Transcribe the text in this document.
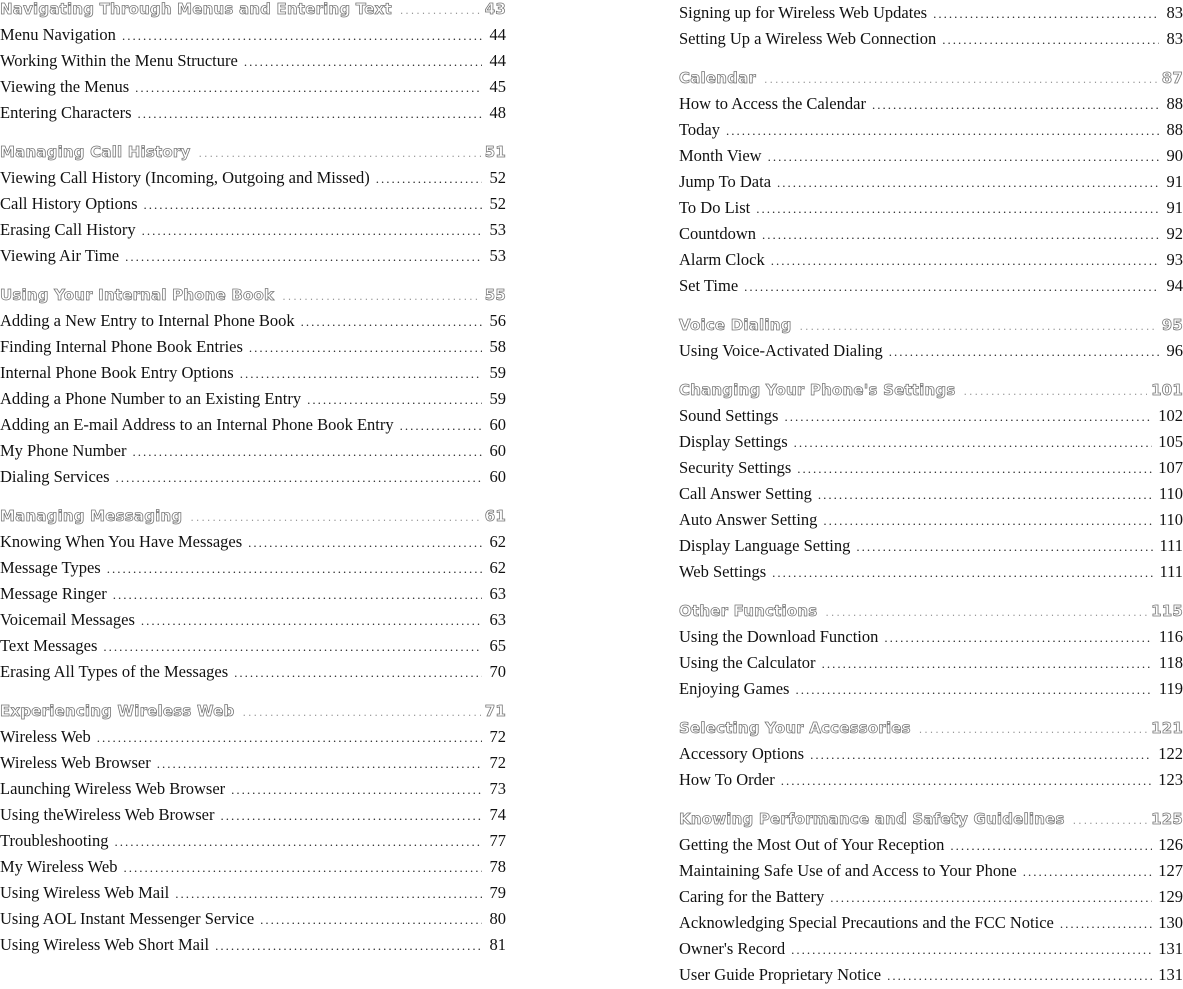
Navigating Through Menus and Entering Text .....	43
Menu Navigation .....	44
Working Within the Menu Structure .....	44
Viewing the Menus .....	45
Entering Characters .....	48
Managing Call History .....	51
Viewing Call History (Incoming, Outgoing and Missed) .....	52
Call History Options .....	52
Erasing Call History .....	53
Viewing Air Time .....	53
Using Your Internal Phone Book .....	55
Adding a New Entry to Internal Phone Book .....	56
Finding Internal Phone Book Entries .....	58
Internal Phone Book Entry Options .....	59
Adding a Phone Number to an Existing Entry .....	59
Adding an E-mail Address to an Internal Phone Book Entry .....	60
My Phone Number .....	60
Dialing Services .....	60
Managing Messaging .....	61
Knowing When You Have Messages .....	62
Message Types .....	62
Message Ringer .....	63
Voicemail Messages .....	63
Text Messages .....	65
Erasing All Types of the Messages .....	70
Experiencing Wireless Web .....	71
Wireless Web .....	72
Wireless Web Browser .....	72
Launching Wireless Web Browser .....	73
Using theWireless Web Browser .....	74
Troubleshooting .....	77
My Wireless Web .....	78
Using Wireless Web Mail .....	79
Using AOL Instant Messenger Service .....	80
Using Wireless Web Short Mail .....	81
Signing up for Wireless Web Updates .....	83
Setting Up a Wireless Web Connection .....	83
Calendar .....	87
How to Access the Calendar .....	88
Today .....	88
Month View .....	90
Jump To Data .....	91
To Do List .....	91
Countdown .....	92
Alarm Clock .....	93
Set Time .....	94
Voice Dialing .....	95
Using Voice-Activated Dialing .....	96
Changing Your Phone's Settings .....	101
Sound Settings .....	102
Display Settings .....	105
Security Settings .....	107
Call Answer Setting .....	110
Auto Answer Setting .....	110
Display Language Setting .....	111
Web Settings .....	111
Other Functions .....	115
Using the Download Function .....	116
Using the Calculator .....	118
Enjoying Games .....	119
Selecting Your Accessories .....	121
Accessory Options .....	122
How To Order .....	123
Knowing Performance and Safety Guidelines .....	125
Getting the Most Out of Your Reception .....	126
Maintaining Safe Use of and Access to Your Phone .....	127
Caring for the Battery .....	129
Acknowledging Special Precautions and the FCC Notice .....	130
Owner's Record .....	131
User Guide Proprietary Notice .....	131
